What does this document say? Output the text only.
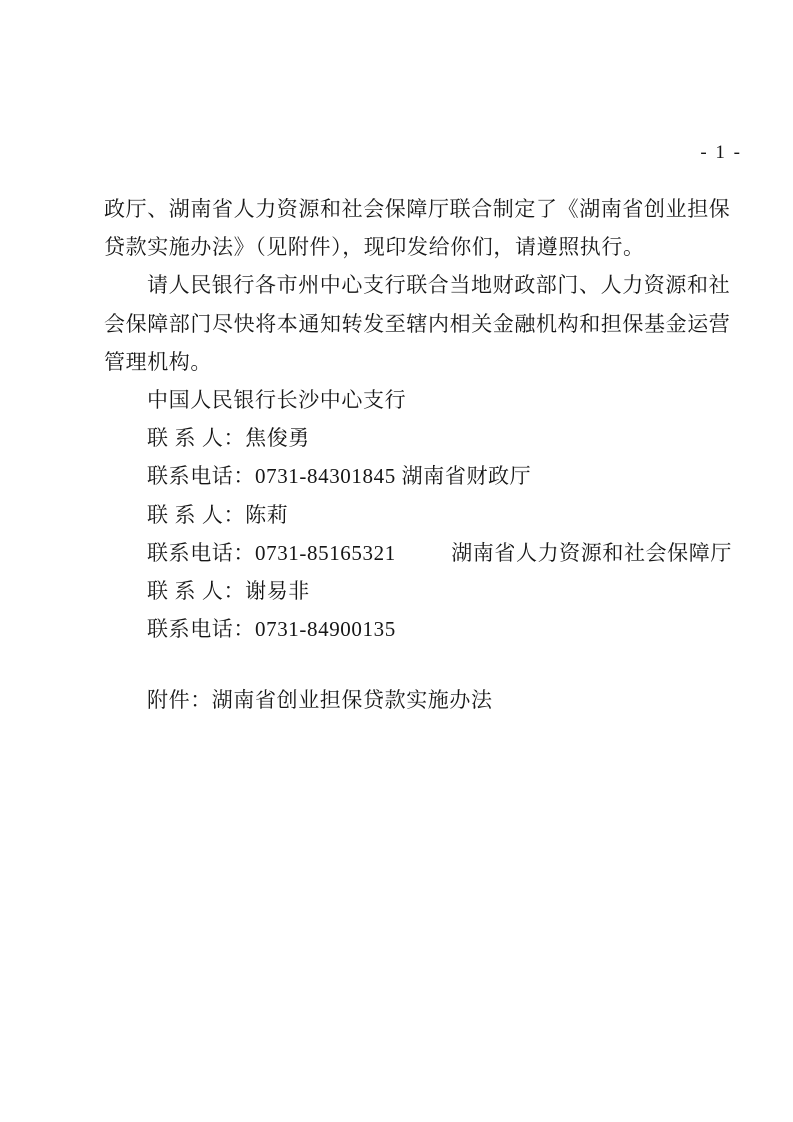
- 1 -
政厅、湖南省人力资源和社会保障厅联合制定了《湖南省创业担保
贷款实施办法》（见附件），现印发给你们，请遵照执行。
请人民银行各市州中心支行联合当地财政部门、人力资源和社
会保障部门尽快将本通知转发至辖内相关金融机构和担保基金运营
管理机构。
中国人民银行长沙中心支行
联 系 人：焦俊勇
联系电话：0731-84301845 湖南省财政厅
联 系 人：陈莉
联系电话：0731-85165321	湖南省人力资源和社会保障厅
联 系 人：谢易非
联系电话：0731-84900135
附件：湖南省创业担保贷款实施办法
